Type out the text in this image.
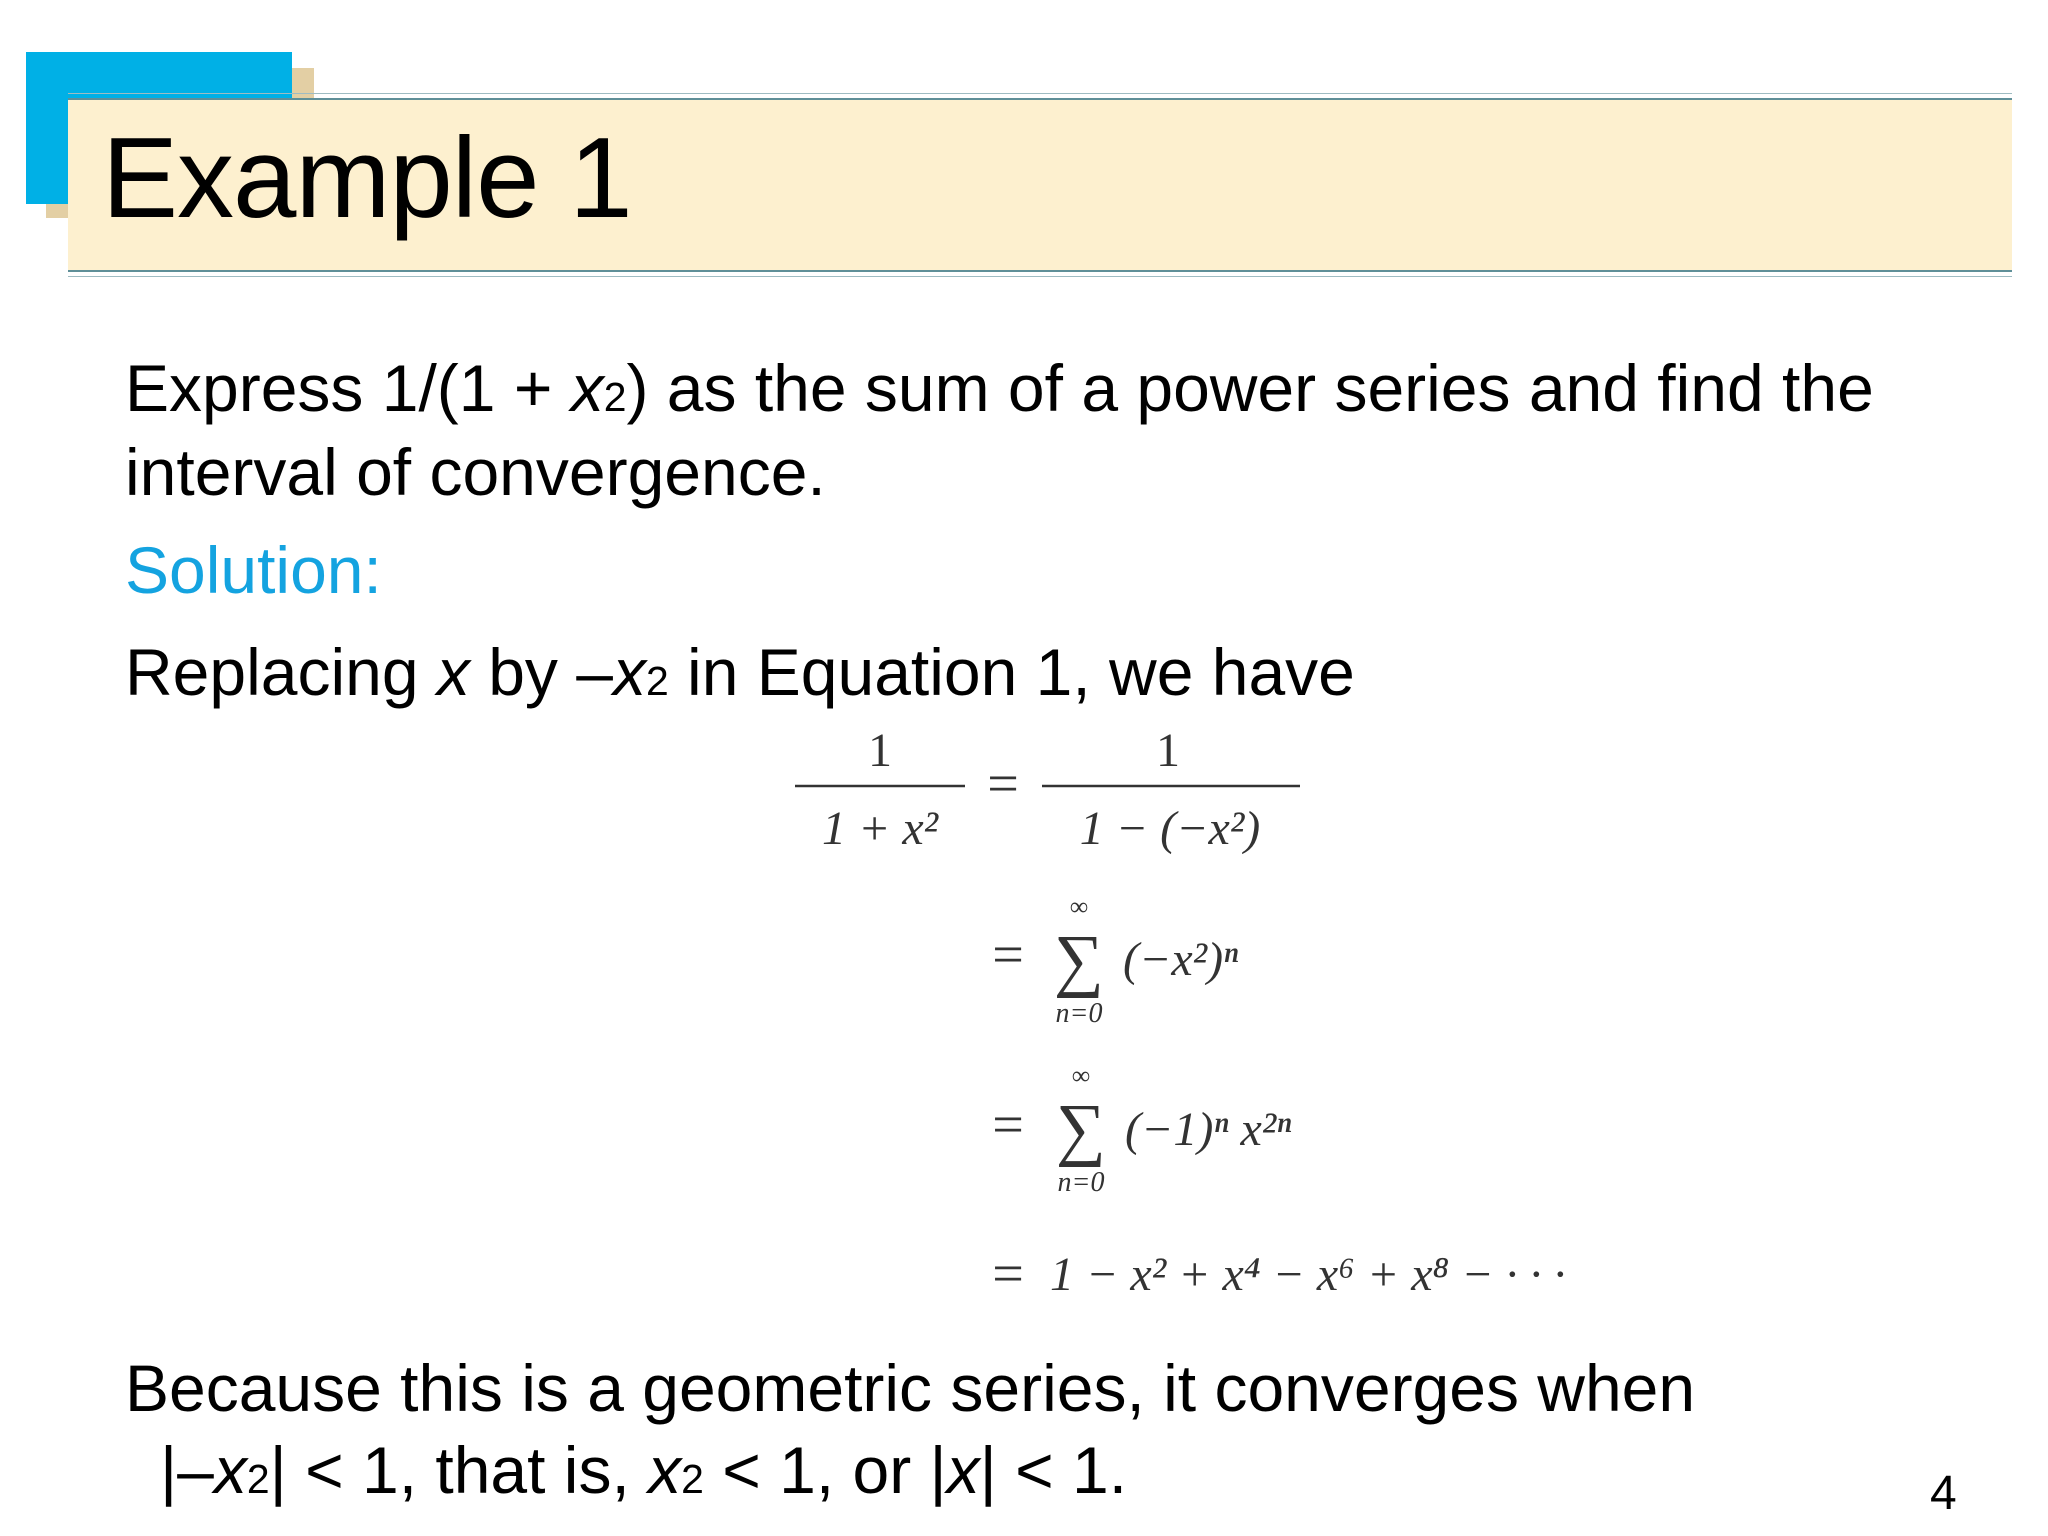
Example 1

Express $1/(1 + x^2)$ as the sum of a power series and find the interval of convergence.

Solution:

Replacing x by $-x^2$ in Equation 1, we have

1
1 + x²
=
1
1 − (−x²)
=
∞
∑
n=0
(−x²)ⁿ
=
∞
∑
n=0
(−1)ⁿ x²ⁿ
= 1 − x² + x⁴ − x⁶ + x⁸ − · · ·

Because this is a geometric series, it converges when

$|-x^2| < 1$, that is, $x^2 < 1$, or |x| < 1.	4
